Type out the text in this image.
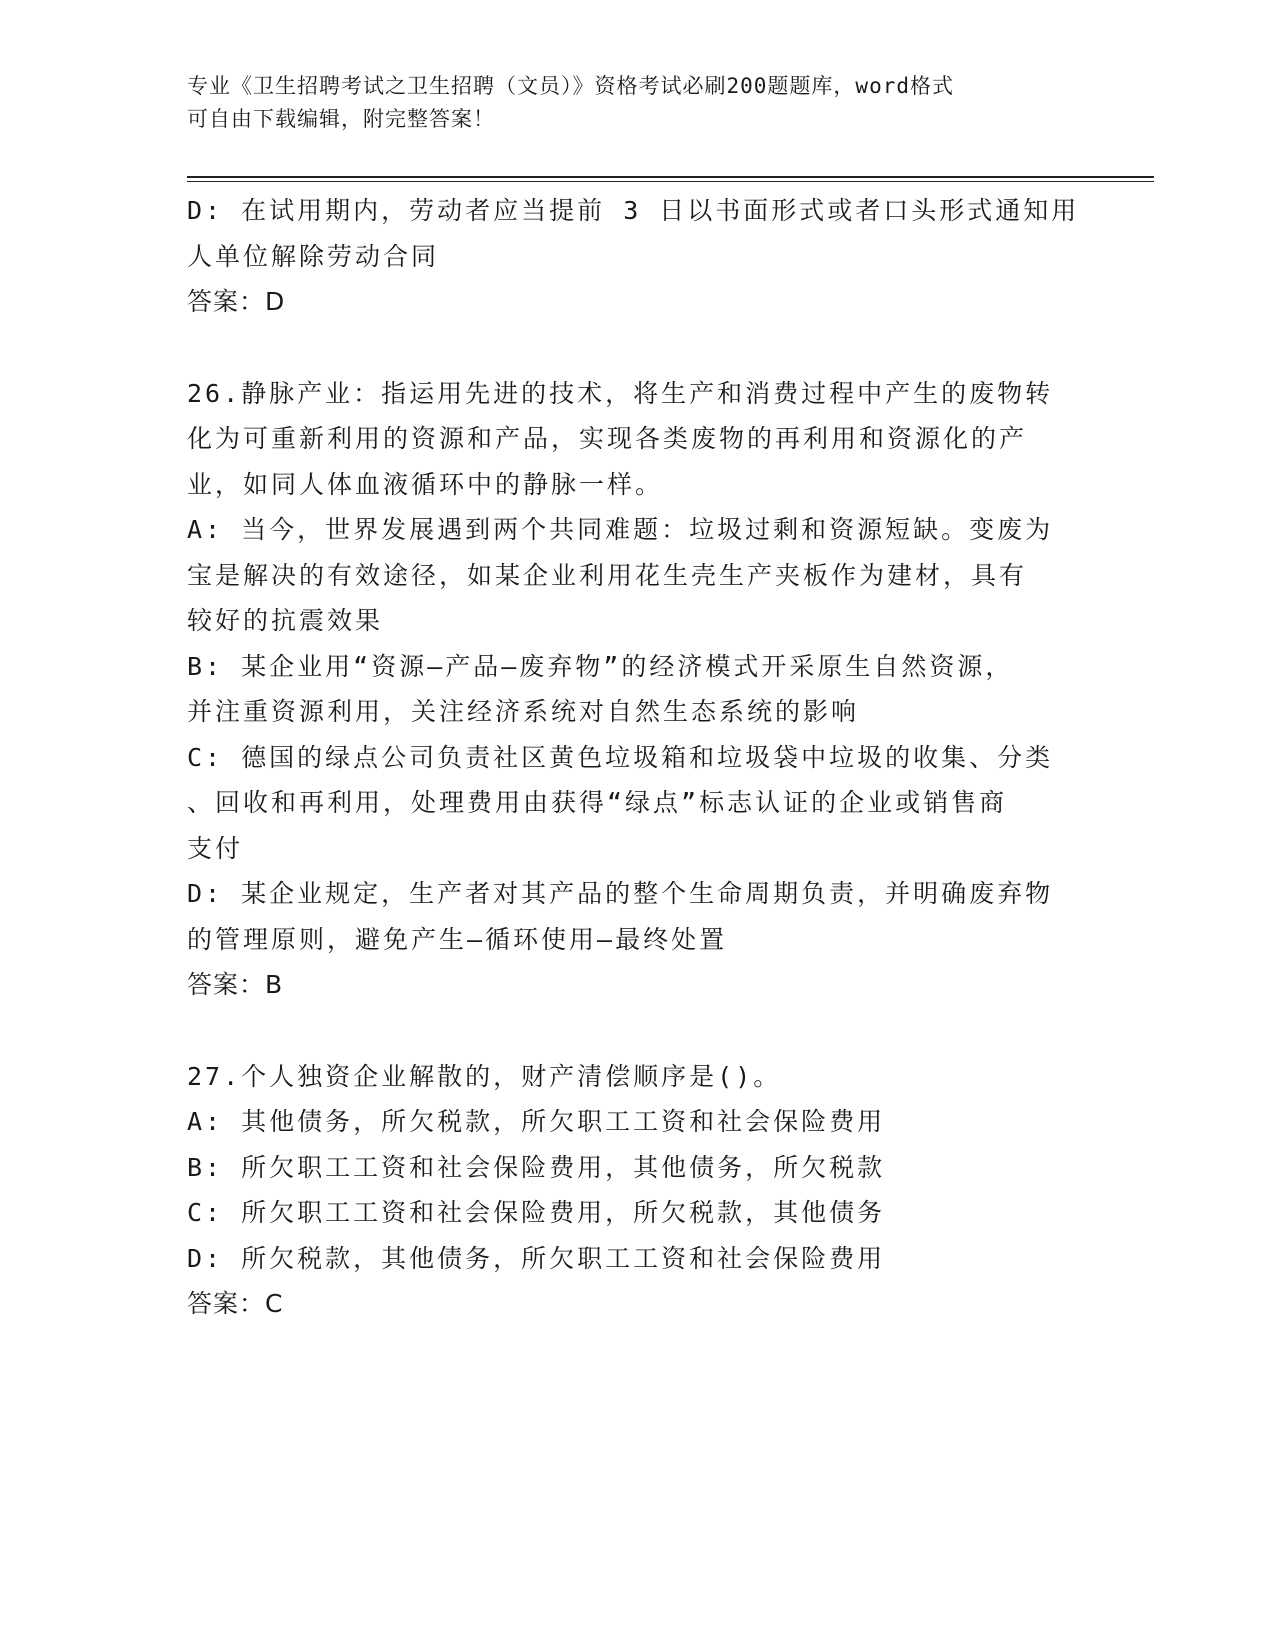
专业《卫生招聘考试之卫生招聘（文员）》资格考试必刷200题题库，word格式
可自由下载编辑，附完整答案！
D: 在试用期内，劳动者应当提前 3 日以书面形式或者口头形式通知用
人单位解除劳动合同
答案：D
26.静脉产业：指运用先进的技术，将生产和消费过程中产生的废物转
化为可重新利用的资源和产品，实现各类废物的再利用和资源化的产
业，如同人体血液循环中的静脉一样。
A: 当今，世界发展遇到两个共同难题：垃圾过剩和资源短缺。变废为
宝是解决的有效途径，如某企业利用花生壳生产夹板作为建材，具有
较好的抗震效果
B: 某企业用“资源—产品—废弃物”的经济模式开采原生自然资源，
并注重资源利用，关注经济系统对自然生态系统的影响
C: 德国的绿点公司负责社区黄色垃圾箱和垃圾袋中垃圾的收集、分类
、回收和再利用，处理费用由获得“绿点”标志认证的企业或销售商
支付
D: 某企业规定，生产者对其产品的整个生命周期负责，并明确废弃物
的管理原则，避免产生—循环使用—最终处置
答案：B
27.个人独资企业解散的，财产清偿顺序是()。
A: 其他债务，所欠税款，所欠职工工资和社会保险费用
B: 所欠职工工资和社会保险费用，其他债务，所欠税款
C: 所欠职工工资和社会保险费用，所欠税款，其他债务
D: 所欠税款，其他债务，所欠职工工资和社会保险费用
答案：C
